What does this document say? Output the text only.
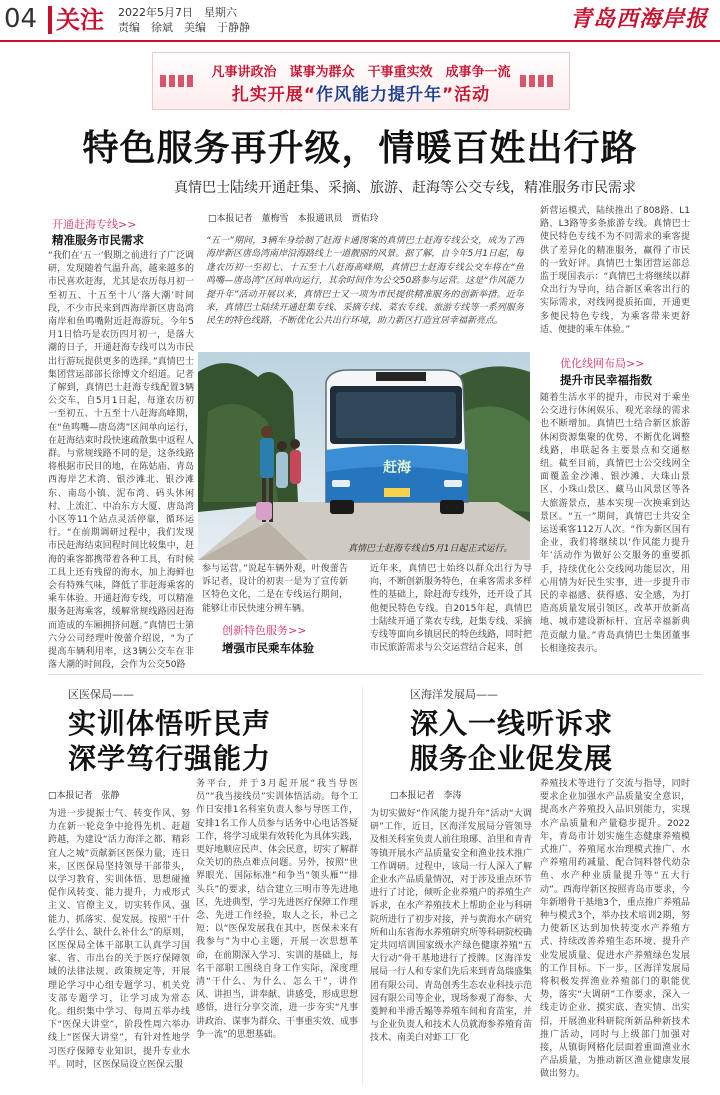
04 关注 2022年5月7日　星期六
责编　徐斌　美编　于静静	青岛西海岸报
凡事讲政治　谋事为群众　干事重实效　成事争一流
扎实开展“作风能力提升年”活动
特色服务再升级，情暖百姓出行路
真情巴士陆续开通赶集、采摘、旅游、赶海等公交专线，精准服务市民需求
开通赶海专线>>
精准服务市民需求
“我们在‘五一’假期之前进行了广泛调研，发现随着气温升高，越来越多的市民喜欢赶海，尤其是农历每月初一至初五、十五至十八‘落大潮’时间段，不少市民来到西海岸新区唐岛湾南岸和鱼鸣嘴附近赶海游玩。今年5月1日恰巧是农历四月初一，是落大潮的日子，开通赶海专线可以为市民出行游玩提供更多的选择。”真情巴士集团营运部部长徐博文介绍道。记者了解到，真情巴士赶海专线配置3辆公交车，自5月1日起，每逢农历初一至初五、十五至十八赶海高峰期，在“鱼鸣嘴—唐岛湾”区间单向运行，在赶海结束时段快速疏散集中返程人群。与常规线路不同的是，这条线路将根据市民目的地，在陈姑庙、青岛西海岸艺术湾、银沙滩北、银沙滩东、南岛小镇、泥布湾、码头休闲村、上流汇、中冶东方大厦、唐岛湾小区等11个站点灵活停靠，循环运行。“在前期调研过程中，我们发现市民赶海结束回程时间比较集中，赶海的乘客都携带着各种工具，有时候工具上还有残留的海水，加上海鲜也会有特殊气味，降低了非赶海乘客的乘车体验。开通赶海专线，可以精准服务赶海乘客，缓解常规线路因赶海而造成的车厢拥挤问题。”真情巴士第六分公司经理叶俊蕾介绍说，“为了提高车辆利用率，这3辆公交车在非落大潮的时间段，会作为公交50路
□本报记者　董梅雪　本报通讯员　贾佑玲
“五一”期间，3辆车身绘制了赶海卡通图案的真情巴士赶海专线公交，成为了西海岸新区唐岛湾南岸沿海路线上一道靓丽的风景。据了解，自今年5月1日起，每逢农历初一至初七、十五至十八赶海高峰期，真情巴士赶海专线公交车将在“鱼鸣嘴—唐岛湾”区间单向运行，其余时间作为公交50路参与运营。这是“作风能力提升年”活动开展以来，真情巴士又一项为市民提供精准服务的创新举措。近年来，真情巴士陆续开通赶集专线、采摘专线、菜农专线、旅游专线等一系列服务民生的特色线路，不断优化公共出行环境，助力新区打造宜居幸福新亮点。
赶海
真情巴士赶海专线自5月1日起正式运行。
参与运营。”说起车辆外观，叶俊蕾告诉记者，设计的初衷一是为了宣传新区特色文化，二是在专线运行期间，能够让市民快速分辨车辆。
创新特色服务>>
增强市民乘车体验
近年来，真情巴士始终以群众出行为导向，不断创新服务特色，在乘客需求多样性的基础上，除赶海专线外，还开设了其他便民特色专线。自2015年起，真情巴士陆续开通了菜农专线，赶集专线、采摘专线等面向乡镇居民的特色线路，同时把市民旅游需求与公交运营结合起来，创
新营运模式，陆续推出了808路、L1路、L3路等多条旅游专线。真情巴士使民特色专线不为不同需求的乘客提供了差异化的精准服务，赢得了市民的一致好评。真情巴士集团营运部总监于现国表示：“真情巴士将继续以群众出行为导向，结合新区乘客出行的实际需求，对线网提质拓面，开通更多便民特色专线，为乘客带来更舒适、便捷的乘车体验。”
优化线网布局>>
提升市民幸福指数
随着生活水平的提升，市民对于乘坐公交进行休闲娱乐、观光亲绿的需求也不断增加。真情巴士结合新区旅游休闲资源集聚的优势，不断优化调整线路，串联起各主要景点和交通枢纽。截至目前，真情巴士公交线网全面覆盖金沙滩、银沙滩、大珠山景区、小珠山景区、藏马山风景区等各大旅游景点，基本实现一次换乘到达景区。“五一”期间，真情巴士共安全运送乘客112万人次。“作为新区国有企业，我们将继续以‘作风能力提升年’活动作为做好公交服务的重要抓手，持续优化公交线网功能层次，用心用情为好民生实事，进一步提升市民的幸福感、获得感、安全感，为打造高质量发展引领区，改革开放新高地、城市建设新标杆、宜居幸福新典范贡献力量。”青岛真情巴士集团董事长相逢按表示。
区医保局——
实训体悟听民声
深学笃行强能力
□本报记者　张静
为进一步提振士气、转变作风、努力在新一轮竞争中抢得先机、赶超跨越，为建设“活力海洋之都、精彩宜人之城”贡献新区医保力量，连日来，区医保局坚持领导干部带头，以学习教育、实训体悟、思想碰撞促作风转变、能力提升，力戒形式主义、官僚主义，切实转作风、强能力、抓落实、促发展。按照“干什么学什么、缺什么补什么”的原则，区医保局全体干部职工认真学习国家、省、市出台的关于医疗保障领域的法律法规、政策规定等，开展理论学习中心组专题学习、机关党支部专题学习，让学习成为常态化。组织集中学习、每周五举办线下“医保大讲堂”，阶段性周六举办线上“医保大讲堂”，有针对性地学习医疗保障专业知识，提升专业水平。同时，区医保局设立医保云服
务平台，并于3月起开展“我当导医员”“我当接线员”实训体悟活动。每个工作日安排1名科室负责人参与导医工作，安排1名工作人员参与话务中心电话答疑工作，将学习成果有效转化为具体实践，更好地顺应民声、体会民意，切实了解群众关切的热点难点问题。另外，按照“世界眼光、国际标准”和争当“领头雁”“排头兵”的要求，结合建立三明市等先进地区，先进典型，学习先进医疗保障工作理念、先进工作经验，取人之长，补己之短；以“医保发展我在其中，医保未来有我参与”为中心主题，开展一次思想革命，在前期深入学习、实训的基础上，每名干部职工围绕自身工作实际，深度理清“干什么、为什么、怎么干”，讲作风、讲担当，讲奉献、讲感受，形成思想感悟，进行分享交流，进一步夯实“凡事讲政治、谋事为群众、干事重实效、成事争一流”的思想基础。
区海洋发展局——
深入一线听诉求
服务企业促发展
□本报记者　李涛
为切实做好“作风能力提升年”活动“大调研”工作，近日，区海洋发展局分管领导及相关科室负责人前往琅琊、泊里和青青等镇开展水产品质量安全和渔业技术推广工作调研。过程中，该局一行人深入了解企业水产品质量情况，对于涉及重点环节进行了讨论，倾听企业养殖户的养殖生产诉求，在水产养殖技术上帮助企业与科研院所进行了初步对接，并与黄海水产研究所和山东省海水养殖研究所等科研院校确定共同培训国家级水产绿色健康养殖“五大行动”骨干基地进行了授牌。区海洋发展局一行人和专家们先后来到青岛瑞盛集团有限公司、青岛创秀生态农业科技示范园有限公司等企业，现场参观了海参、大菱鲆和半滑舌鳎等养殖车间和育苗室，并与企业负责人和技术人员就海参养殖育苗技术、南美白对虾工厂化
养殖技术等进行了交流与指导，同时要求企业加强水产品质量安全意识，提高水产养殖投入品识别能力，实现水产品质量和产量稳步提升。2022年，青岛市计划实施生态健康养殖模式推广、养殖尾水治理模式推广、水产养殖用药减量、配合饲料替代幼杂鱼、水产种业质量提升等“五大行动”。西海岸新区按照青岛市要求，今年新增骨干基地3个，重点推广养殖品种与模式3个，举办技术培训2期，努力使新区达到加快转变水产养殖方式、持续改善养殖生态环境、提升产业发展质量、促进水产养殖绿色发展的工作目标。下一步，区海洋发展局将积极发挥渔业养殖部门的职能优势，落实“大调研”工作要求，深入一线走访企业、摸实底、查实情、出实招，开展渔业科研院所新品种新技术推广活动，同时与上级部门加强对接，从镇街网格化层面着重面渔业水产品质量，为推动新区渔业健康发展做出努力。
